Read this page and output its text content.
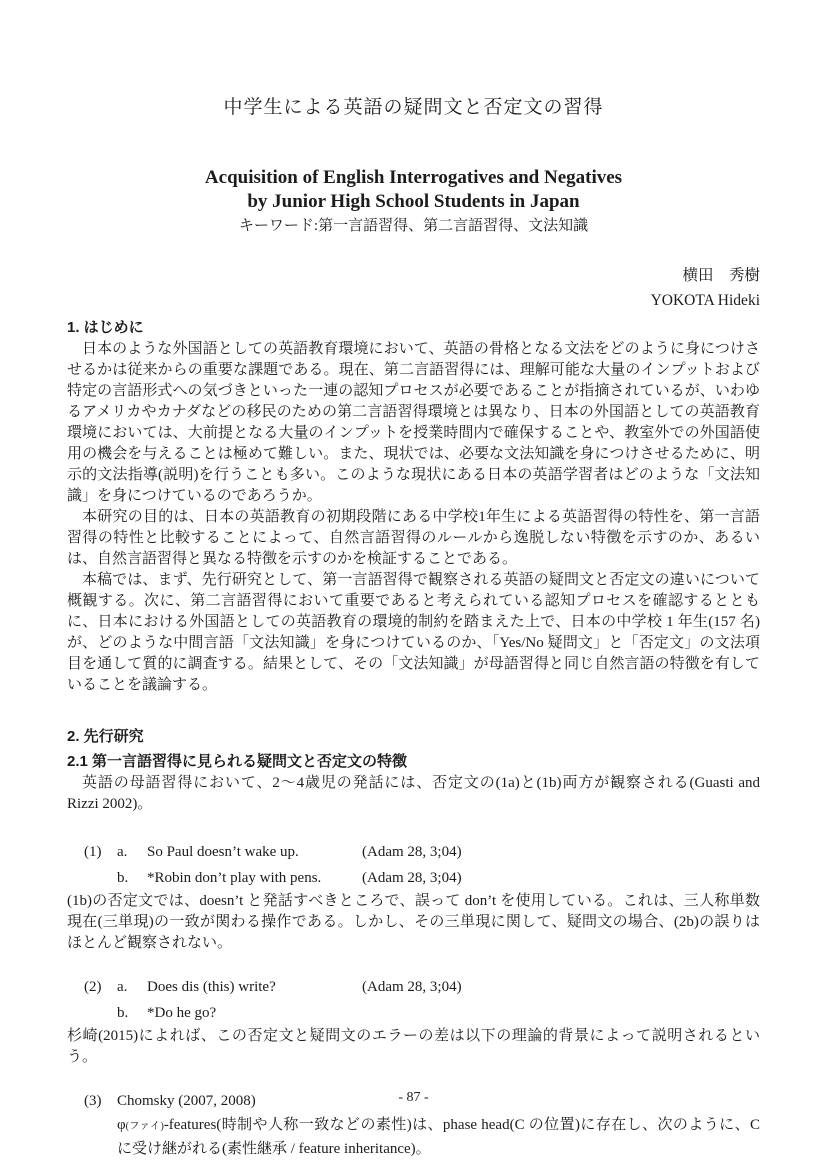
中学生による英語の疑問文と否定文の習得
Acquisition of English Interrogatives and Negatives
by Junior High School Students in Japan
キーワード:第一言語習得、第二言語習得、文法知識
横田　秀樹
YOKOTA Hideki
1. はじめに

日本のような外国語としての英語教育環境において、英語の骨格となる文法をどのように身につけさせるかは従来からの重要な課題である。現在、第二言語習得には、理解可能な大量のインプットおよび特定の言語形式への気づきといった一連の認知プロセスが必要であることが指摘されているが、いわゆるアメリカやカナダなどの移民のための第二言語習得環境とは異なり、日本の外国語としての英語教育環境においては、大前提となる大量のインプットを授業時間内で確保することや、教室外での外国語使用の機会を与えることは極めて難しい。また、現状では、必要な文法知識を身につけさせるために、明示的文法指導(説明)を行うことも多い。このような現状にある日本の英語学習者はどのような「文法知識」を身につけているのであろうか。

本研究の目的は、日本の英語教育の初期段階にある中学校1年生による英語習得の特性を、第一言語習得の特性と比較することによって、自然言語習得のルールから逸脱しない特徴を示すのか、あるいは、自然言語習得と異なる特徴を示すのかを検証することである。

本稿では、まず、先行研究として、第一言語習得で観察される英語の疑問文と否定文の違いについて概観する。次に、第二言語習得において重要であると考えられている認知プロセスを確認するとともに、日本における外国語としての英語教育の環境的制約を踏まえた上で、日本の中学校 1 年生(157 名)が、どのような中間言語「文法知識」を身につけているのか、「Yes/No 疑問文」と「否定文」の文法項目を通して質的に調査する。結果として、その「文法知識」が母語習得と同じ自然言語の特徴を有していることを議論する。

2. 先行研究
2.1 第一言語習得に見られる疑問文と否定文の特徴

英語の母語習得において、2〜4歳児の発話には、否定文の(1a)と(1b)両方が観察される(Guasti and Rizzi 2002)。

(1)	a.	So Paul doesn’t wake up.	(Adam 28, 3;04)
b.	*Robin don’t play with pens.	(Adam 28, 3;04)

(1b)の否定文では、doesn’t と発話すべきところで、誤って don’t を使用している。これは、三人称単数現在(三単現)の一致が関わる操作である。しかし、その三単現に関して、疑問文の場合、(2b)の誤りはほとんど観察されない。

(2)	a.	Does dis (this) write?	(Adam 28, 3;04)
b.	*Do he go?

杉崎(2015)によれば、この否定文と疑問文のエラーの差は以下の理論的背景によって説明されるという。

(3)	Chomsky (2007, 2008)
φ(ファイ)-features(時制や人称一致などの素性)は、phase head(C の位置)に存在し、次のように、C に受け継がれる(素性継承 / feature inheritance)。
- 87 -
